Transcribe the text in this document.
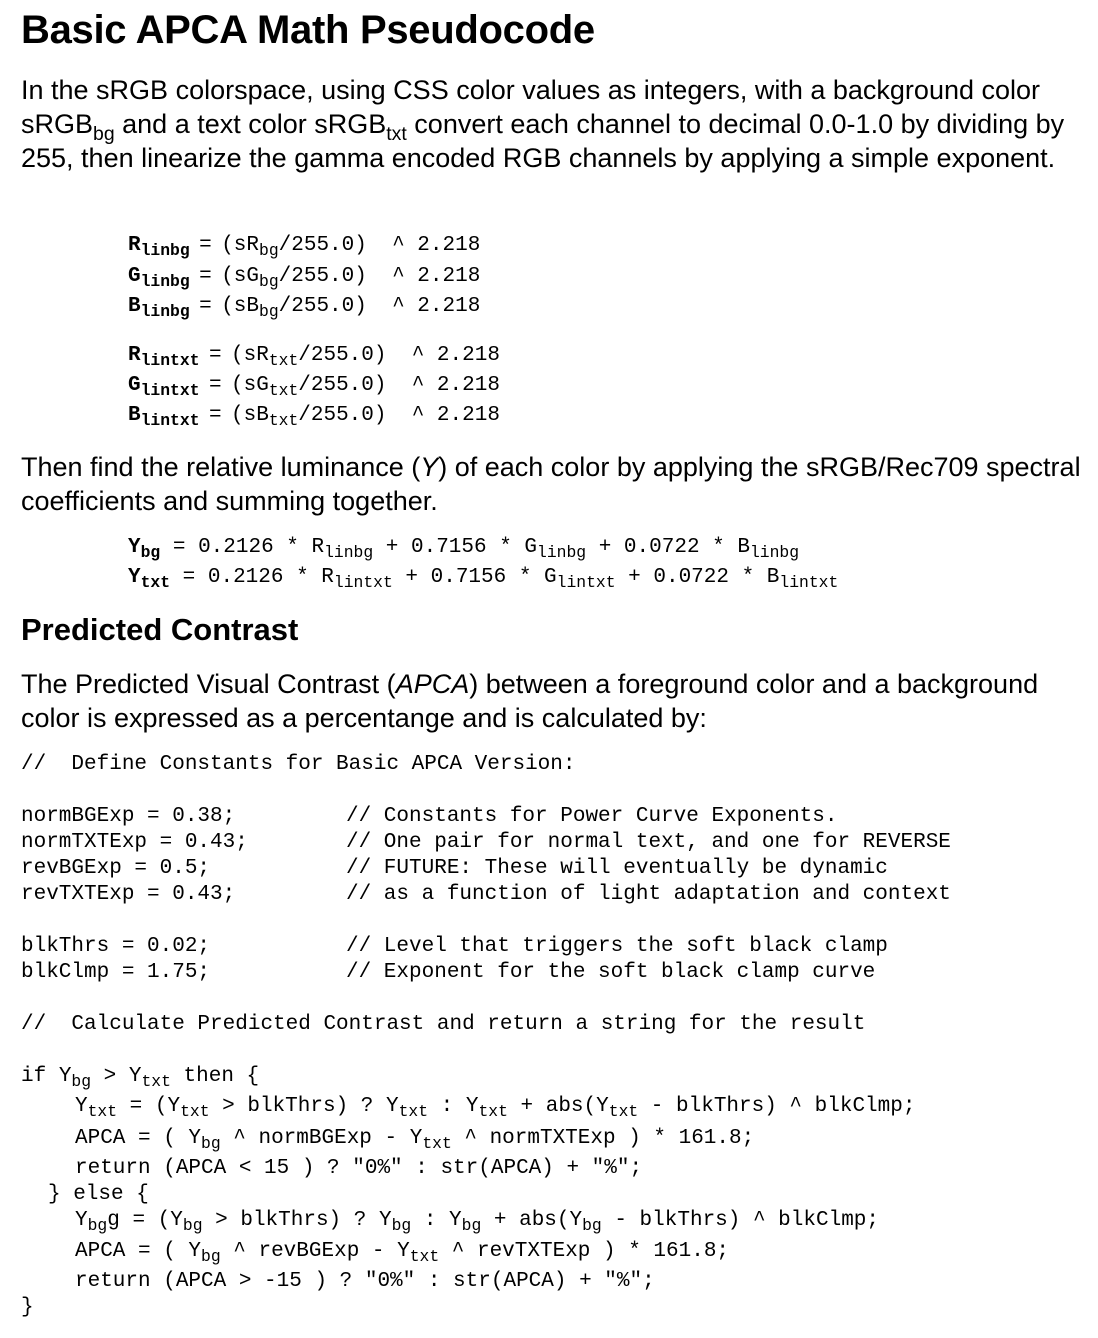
Basic APCA Math Pseudocode

In the sRGB colorspace, using CSS color values as integers, with a background color sRGB$_{bg}$ and a text color sRGB$_{txt}$ convert each channel to decimal 0.0-1.0 by dividing by 255, then linearize the gamma encoded RGB channels by applying a simple exponent.

$R_{linbg} = (sR_{bg}/255.0)$ ^ 2.218
$G_{linbg} = (sG_{bg}/255.0)$ ^ 2.218
$B_{linbg} = (sB_{bg}/255.0)$ ^ 2.218
$R_{lintxt} = (sR_{txt}/255.0)$ ^ 2.218
$G_{lintxt} = (sG_{txt}/255.0)$ ^ 2.218
$B_{lintxt} = (sB_{txt}/255.0)$ ^ 2.218

Then find the relative luminance (Y) of each color by applying the sRGB/Rec709 spectral coefficients and summing together.

$Y_{bg} = 0.2126 * R_{linbg} + 0.7156 * G_{linbg} + 0.0722 * B_{linbg}$
$Y_{txt} = 0.2126 * R_{lintxt} + 0.7156 * G_{lintxt} + 0.0722 * B_{lintxt}$
Predicted Contrast

The Predicted Visual Contrast (APCA) between a foreground color and a background color is expressed as a percentange and is calculated by:

//  Define Constants for Basic APCA Version:
normBGExp = 0.38;	// Constants for Power Curve Exponents.
normTXTExp = 0.43;	// One pair for normal text, and one for REVERSE
revBGExp = 0.5;	// FUTURE: These will eventually be dynamic
revTXTExp = 0.43;	// as a function of light adaptation and context
blkThrs = 0.02;	// Level that triggers the soft black clamp
blkClmp = 1.75;	// Exponent for the soft black clamp curve
//  Calculate Predicted Contrast and return a string for the result
if $Y_{bg} > Y_{txt}$ then {
$Y_{txt} = (Y_{txt}$ > blkThrs) ? $Y_{txt}$ : $Y_{txt} + abs(Y_{txt}$ - blkThrs) ^ blkClmp;
APCA = ( $Y_{bg}$ ^ normBGExp - $Y_{txt}$ ^ normTXTExp ) * 161.8;
return (APCA < 15 ) ? "0%" : str(APCA) + "%";
} else {
$Y_{bg}g = (Y_{bg}$ > blkThrs) ? $Y_{bg}$ : $Y_{bg} + abs(Y_{bg}$ - blkThrs) ^ blkClmp;
APCA = ( $Y_{bg}$ ^ revBGExp - $Y_{txt}$ ^ revTXTExp ) * 161.8;
return (APCA > -15 ) ? "0%" : str(APCA) + "%";
}
